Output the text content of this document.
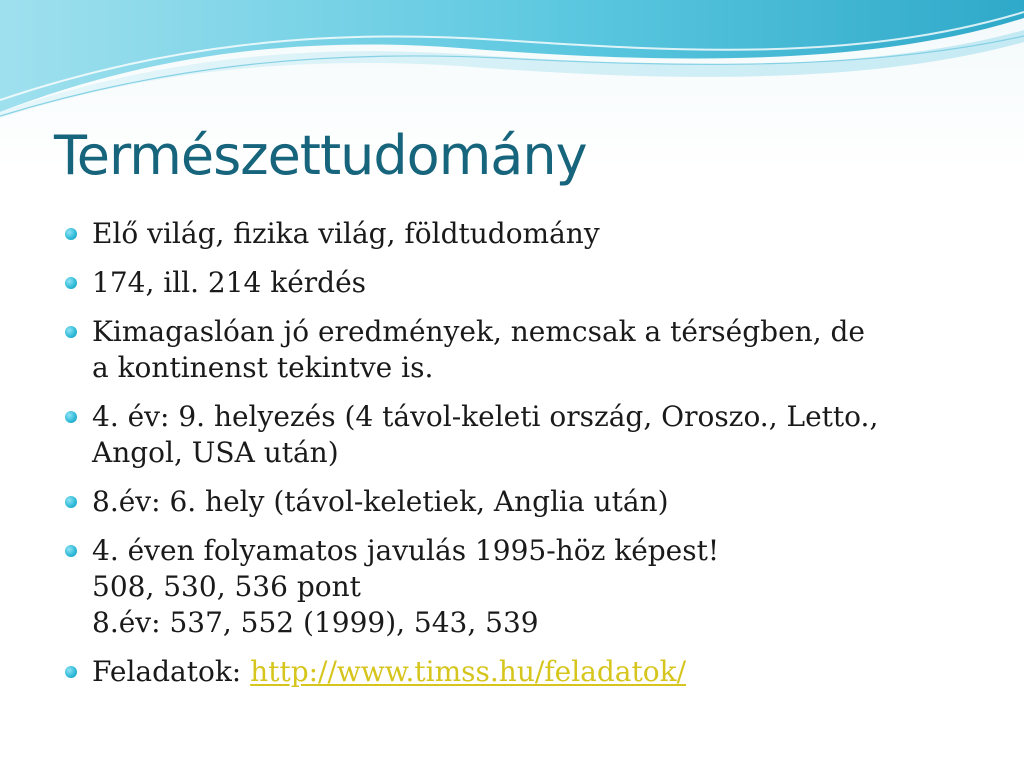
Természettudomány
Elő világ, fizika világ, földtudomány
174, ill. 214 kérdés
Kimagaslóan jó eredmények, nemcsak a térségben, de
a kontinenst tekintve is.
4. év: 9. helyezés (4 távol-keleti ország, Oroszo., Letto.,
Angol, USA után)
8.év: 6. hely (távol-keletiek, Anglia után)
4. éven folyamatos javulás 1995-höz képest!
508, 530, 536 pont
8.év: 537, 552 (1999), 543, 539
Feladatok: http://www.timss.hu/feladatok/
